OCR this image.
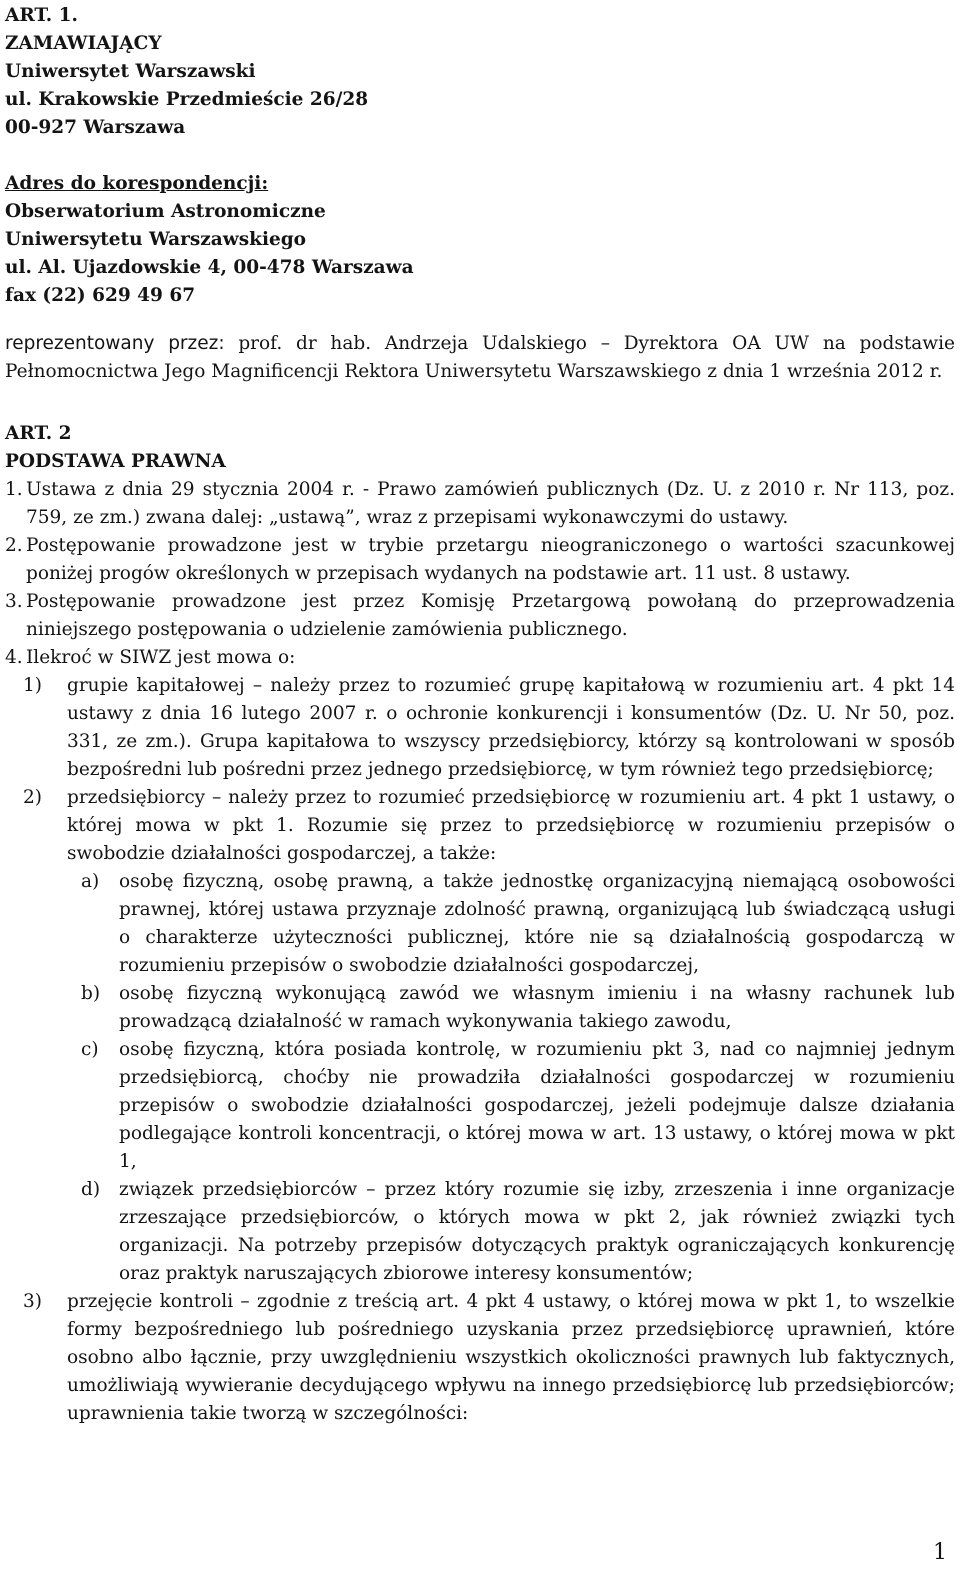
ART. 1.
ZAMAWIAJĄCY
Uniwersytet Warszawski
ul. Krakowskie Przedmieście 26/28
00-927 Warszawa
Adres do korespondencji:
Obserwatorium Astronomiczne
Uniwersytetu Warszawskiego
ul. Al. Ujazdowskie 4, 00-478 Warszawa
fax (22) 629 49 67
reprezentowany przez: prof. dr hab. Andrzeja Udalskiego – Dyrektora OA UW na podstawie Pełnomocnictwa Jego Magnificencji Rektora Uniwersytetu Warszawskiego z dnia 1 września 2012 r.
ART. 2
PODSTAWA PRAWNA
1. Ustawa z dnia 29 stycznia 2004 r. - Prawo zamówień publicznych (Dz. U. z 2010 r. Nr 113, poz. 759, ze zm.) zwana dalej: „ustawą”, wraz z przepisami wykonawczymi do ustawy.
2. Postępowanie prowadzone jest w trybie przetargu nieograniczonego o wartości szacunkowej poniżej progów określonych w przepisach wydanych na podstawie art. 11 ust. 8 ustawy.
3. Postępowanie prowadzone jest przez Komisję Przetargową powołaną do przeprowadzenia niniejszego postępowania o udzielenie zamówienia publicznego.
4. Ilekroć w SIWZ jest mowa o:
1)	grupie kapitałowej – należy przez to rozumieć grupę kapitałową w rozumieniu art. 4 pkt 14 ustawy z dnia 16 lutego 2007 r. o ochronie konkurencji i konsumentów (Dz. U. Nr 50, poz. 331, ze zm.). Grupa kapitałowa to wszyscy przedsiębiorcy, którzy są kontrolowani w sposób bezpośredni lub pośredni przez jednego przedsiębiorcę, w tym również tego przedsiębiorcę;
2)	przedsiębiorcy – należy przez to rozumieć przedsiębiorcę w rozumieniu art. 4 pkt 1 ustawy, o której mowa w pkt 1. Rozumie się przez to przedsiębiorcę w rozumieniu przepisów o swobodzie działalności gospodarczej, a także:
a)	osobę fizyczną, osobę prawną, a także jednostkę organizacyjną niemającą osobowości prawnej, której ustawa przyznaje zdolność prawną, organizującą lub świadczącą usługi o charakterze użyteczności publicznej, które nie są działalnością gospodarczą w rozumieniu przepisów o swobodzie działalności gospodarczej,
b)	osobę fizyczną wykonującą zawód we własnym imieniu i na własny rachunek lub prowadzącą działalność w ramach wykonywania takiego zawodu,
c)	osobę fizyczną, która posiada kontrolę, w rozumieniu pkt 3, nad co najmniej jednym przedsiębiorcą, choćby nie prowadziła działalności gospodarczej w rozumieniu przepisów o swobodzie działalności gospodarczej, jeżeli podejmuje dalsze działania podlegające kontroli koncentracji, o której mowa w art. 13 ustawy, o której mowa w pkt 1,
d)	związek przedsiębiorców – przez który rozumie się izby, zrzeszenia i inne organizacje zrzeszające przedsiębiorców, o których mowa w pkt 2, jak również związki tych organizacji. Na potrzeby przepisów dotyczących praktyk ograniczających konkurencję oraz praktyk naruszających zbiorowe interesy konsumentów;
3)	przejęcie kontroli – zgodnie z treścią art. 4 pkt 4 ustawy, o której mowa w pkt 1, to wszelkie formy bezpośredniego lub pośredniego uzyskania przez przedsiębiorcę uprawnień, które osobno albo łącznie, przy uwzględnieniu wszystkich okoliczności prawnych lub faktycznych, umożliwiają wywieranie decydującego wpływu na innego przedsiębiorcę lub przedsiębiorców; uprawnienia takie tworzą w szczególności:
1
